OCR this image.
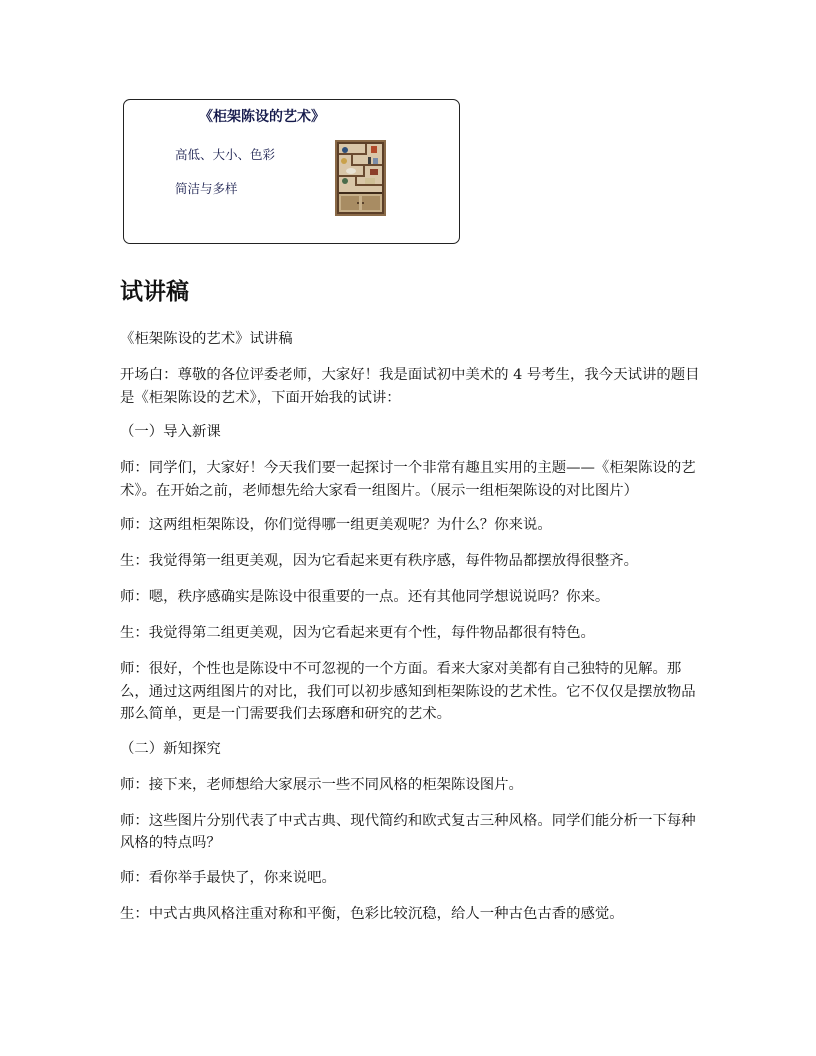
《柜架陈设的艺术》
高低、大小、色彩
简洁与多样
试讲稿

《柜架陈设的艺术》试讲稿

开场白：尊敬的各位评委老师，大家好！我是面试初中美术的 4 号考生，我今天试讲的题目是《柜架陈设的艺术》，下面开始我的试讲：

（一）导入新课

师：同学们，大家好！今天我们要一起探讨一个非常有趣且实用的主题——《柜架陈设的艺术》。在开始之前，老师想先给大家看一组图片。（展示一组柜架陈设的对比图片）

师：这两组柜架陈设，你们觉得哪一组更美观呢？为什么？你来说。

生：我觉得第一组更美观，因为它看起来更有秩序感，每件物品都摆放得很整齐。

师：嗯，秩序感确实是陈设中很重要的一点。还有其他同学想说说吗？你来。

生：我觉得第二组更美观，因为它看起来更有个性，每件物品都很有特色。

师：很好，个性也是陈设中不可忽视的一个方面。看来大家对美都有自己独特的见解。那么，通过这两组图片的对比，我们可以初步感知到柜架陈设的艺术性。它不仅仅是摆放物品那么简单，更是一门需要我们去琢磨和研究的艺术。

（二）新知探究

师：接下来，老师想给大家展示一些不同风格的柜架陈设图片。

师：这些图片分别代表了中式古典、现代简约和欧式复古三种风格。同学们能分析一下每种风格的特点吗？

师：看你举手最快了，你来说吧。

生：中式古典风格注重对称和平衡，色彩比较沉稳，给人一种古色古香的感觉。
